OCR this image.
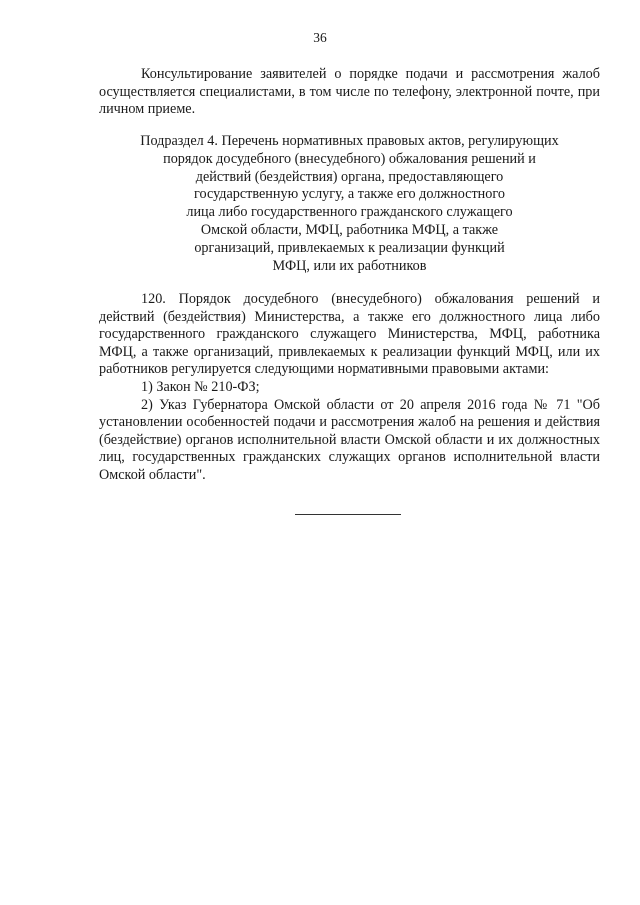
36
Консультирование заявителей о порядке подачи и рассмотрения жалоб осуществляется специалистами, в том числе по телефону, электронной почте, при личном приеме.
Подраздел 4. Перечень нормативных правовых актов, регулирующих
порядок досудебного (внесудебного) обжалования решений и
действий (бездействия) органа, предоставляющего
государственную услугу, а также его должностного
лица либо государственного гражданского служащего
Омской области, МФЦ, работника МФЦ, а также
организаций, привлекаемых к реализации функций
МФЦ, или их работников

120. Порядок досудебного (внесудебного) обжалования решений и действий (бездействия) Министерства, а также его должностного лица либо государственного гражданского служащего Министерства, МФЦ, работника МФЦ, а также организаций, привлекаемых к реализации функций МФЦ, или их работников регулируется следующими нормативными правовыми актами:

1) Закон № 210-ФЗ;

2) Указ Губернатора Омской области от 20 апреля 2016 года № 71 "Об установлении особенностей подачи и рассмотрения жалоб на решения и действия (бездействие) органов исполнительной власти Омской области и их должностных лиц, государственных гражданских служащих органов исполнительной власти Омской области".
